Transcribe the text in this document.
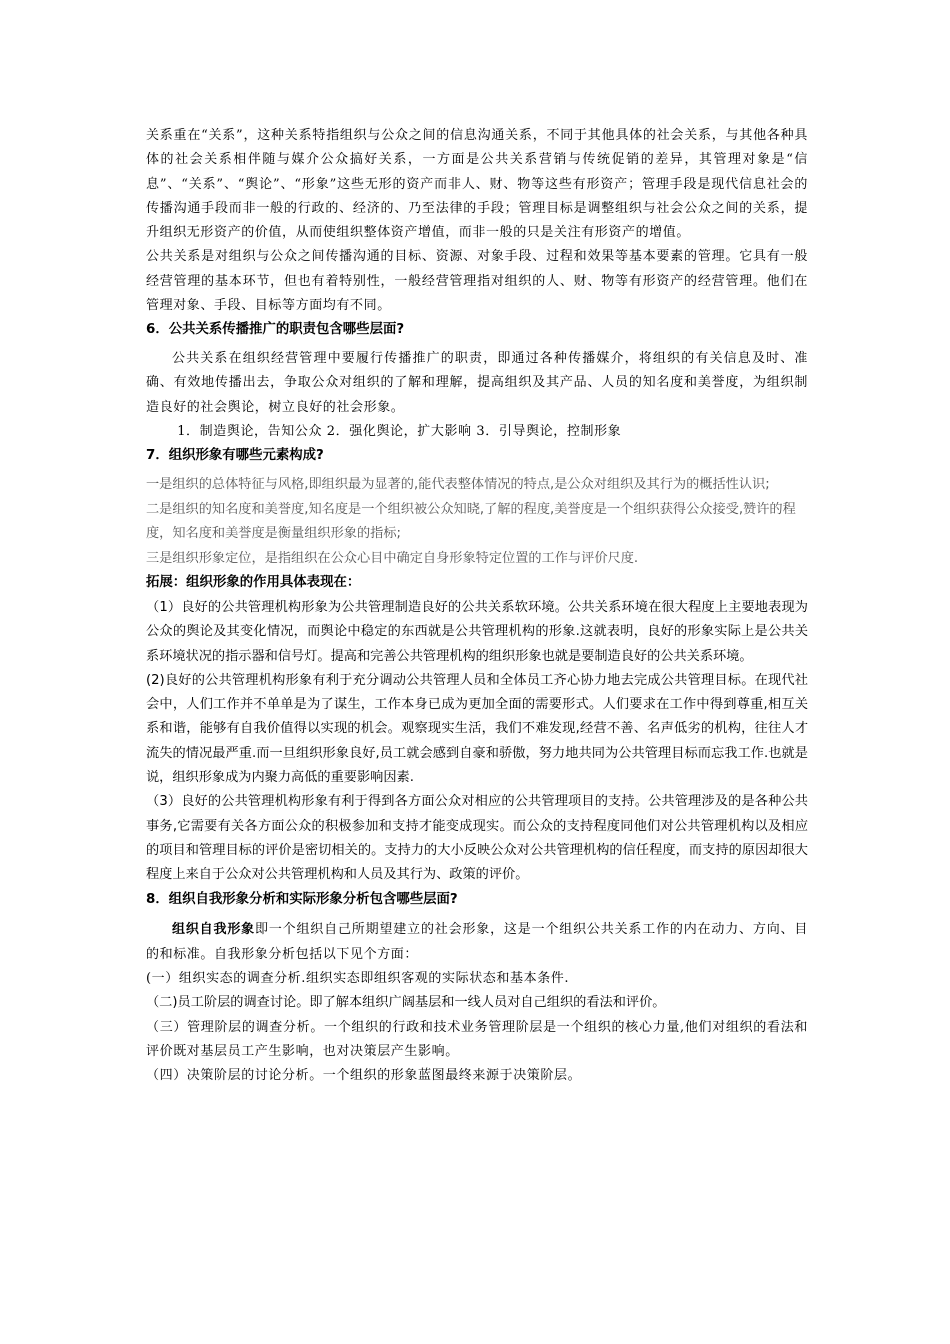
关系重在“关系”，这种关系特指组织与公众之间的信息沟通关系，不同于其他具体的社会关系，与其他各种具体的社会关系相伴随与媒介公众搞好关系，一方面是公共关系营销与传统促销的差异，其管理对象是“信息”、“关系”、“舆论”、“形象”这些无形的资产而非人、财、物等这些有形资产；管理手段是现代信息社会的传播沟通手段而非一般的行政的、经济的、乃至法律的手段；管理目标是调整组织与社会公众之间的关系，提升组织无形资产的价值，从而使组织整体资产增值，而非一般的只是关注有形资产的增值。

公共关系是对组织与公众之间传播沟通的目标、资源、对象手段、过程和效果等基本要素的管理。它具有一般经营管理的基本环节，但也有着特别性，一般经营管理指对组织的人、财、物等有形资产的经营管理。他们在管理对象、手段、目标等方面均有不同。

6．公共关系传播推广的职责包含哪些层面?

公共关系在组织经营管理中要履行传播推广的职责，即通过各种传播媒介，将组织的有关信息及时、准确、有效地传播出去，争取公众对组织的了解和理解，提高组织及其产品、人员的知名度和美誉度，为组织制造良好的社会舆论，树立良好的社会形象。

1．制造舆论，告知公众 2．强化舆论，扩大影响 3．引导舆论，控制形象

7．组织形象有哪些元素构成?

一是组织的总体特征与风格,即组织最为显著的,能代表整体情况的特点,是公众对组织及其行为的概括性认识;

二是组织的知名度和美誉度,知名度是一个组织被公众知晓,了解的程度,美誉度是一个组织获得公众接受,赞许的程度，知名度和美誉度是衡量组织形象的指标;

三是组织形象定位，是指组织在公众心目中确定自身形象特定位置的工作与评价尺度.

拓展：组织形象的作用具体表现在：

（1）良好的公共管理机构形象为公共管理制造良好的公共关系软环境。公共关系环境在很大程度上主要地表现为公众的舆论及其变化情况，而舆论中稳定的东西就是公共管理机构的形象.这就表明，良好的形象实际上是公共关系环境状况的指示器和信号灯。提高和完善公共管理机构的组织形象也就是要制造良好的公共关系环境。

(2)良好的公共管理机构形象有利于充分调动公共管理人员和全体员工齐心协力地去完成公共管理目标。在现代社会中，人们工作并不单单是为了谋生，工作本身已成为更加全面的需要形式。人们要求在工作中得到尊重,相互关系和谐，能够有自我价值得以实现的机会。观察现实生活，我们不难发现,经营不善、名声低劣的机构，往往人才流失的情况最严重.而一旦组织形象良好,员工就会感到自豪和骄傲，努力地共同为公共管理目标而忘我工作.也就是说，组织形象成为内聚力高低的重要影响因素.

（3）良好的公共管理机构形象有利于得到各方面公众对相应的公共管理项目的支持。公共管理涉及的是各种公共事务,它需要有关各方面公众的积极参加和支持才能变成现实。而公众的支持程度同他们对公共管理机构以及相应的项目和管理目标的评价是密切相关的。支持力的大小反映公众对公共管理机构的信任程度，而支持的原因却很大程度上来自于公众对公共管理机构和人员及其行为、政策的评价。

8．组织自我形象分析和实际形象分析包含哪些层面?

组织自我形象即一个组织自己所期望建立的社会形象，这是一个组织公共关系工作的内在动力、方向、目的和标准。自我形象分析包括以下见个方面：

(一）组织实态的调查分析.组织实态即组织客观的实际状态和基本条件.

（二)员工阶层的调查讨论。即了解本组织广阔基层和一线人员对自己组织的看法和评价。

（三）管理阶层的调查分析。一个组织的行政和技术业务管理阶层是一个组织的核心力量,他们对组织的看法和评价既对基层员工产生影响，也对决策层产生影响。

（四）决策阶层的讨论分析。一个组织的形象蓝图最终来源于决策阶层。
